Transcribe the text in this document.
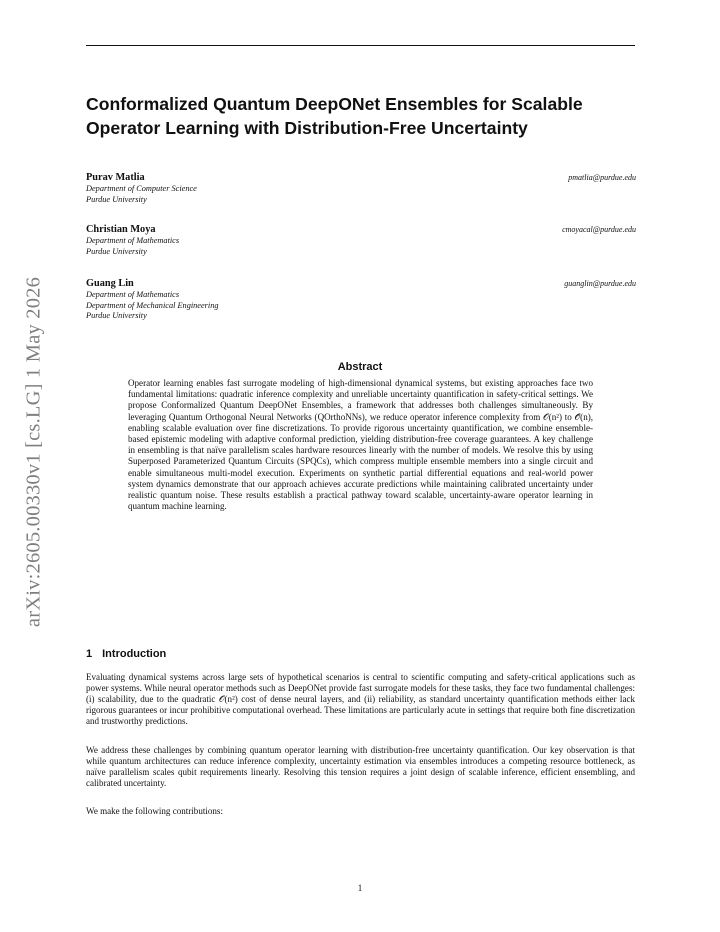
arXiv:2605.00330v1 [cs.LG] 1 May 2026
Conformalized Quantum DeepONet Ensembles for Scalable Operator Learning with Distribution-Free Uncertainty
Purav Matlia
Department of Computer Science
Purdue University
pmatlia@purdue.edu
Christian Moya
Department of Mathematics
Purdue University
cmoyacal@purdue.edu
Guang Lin
Department of Mathematics
Department of Mechanical Engineering
Purdue University
guanglin@purdue.edu
Abstract
Operator learning enables fast surrogate modeling of high-dimensional dynamical systems, but existing approaches face two fundamental limitations: quadratic inference complexity and unreliable uncertainty quantification in safety-critical settings. We propose Conformalized Quantum DeepONet Ensembles, a framework that addresses both challenges simultaneously. By leveraging Quantum Orthogonal Neural Networks (QOrthoNNs), we reduce operator inference complexity from 𝒪(n²) to 𝒪̃(n), enabling scalable evaluation over fine discretizations. To provide rigorous uncertainty quantification, we combine ensemble-based epistemic modeling with adaptive conformal prediction, yielding distribution-free coverage guarantees. A key challenge in ensembling is that naïve parallelism scales hardware resources linearly with the number of models. We resolve this by using Superposed Parameterized Quantum Circuits (SPQCs), which compress multiple ensemble members into a single circuit and enable simultaneous multi-model execution. Experiments on synthetic partial differential equations and real-world power system dynamics demonstrate that our approach achieves accurate predictions while maintaining calibrated uncertainty under realistic quantum noise. These results establish a practical pathway toward scalable, uncertainty-aware operator learning in quantum machine learning.
1 Introduction
Evaluating dynamical systems across large sets of hypothetical scenarios is central to scientific computing and safety-critical applications such as power systems. While neural operator methods such as DeepONet provide fast surrogate models for these tasks, they face two fundamental challenges: (i) scalability, due to the quadratic 𝒪(n²) cost of dense neural layers, and (ii) reliability, as standard uncertainty quantification methods either lack rigorous guarantees or incur prohibitive computational overhead. These limitations are particularly acute in settings that require both fine discretization and trustworthy predictions.
We address these challenges by combining quantum operator learning with distribution-free uncertainty quantification. Our key observation is that while quantum architectures can reduce inference complexity, uncertainty estimation via ensembles introduces a competing resource bottleneck, as naïve parallelism scales qubit requirements linearly. Resolving this tension requires a joint design of scalable inference, efficient ensembling, and calibrated uncertainty.
We make the following contributions:
1
